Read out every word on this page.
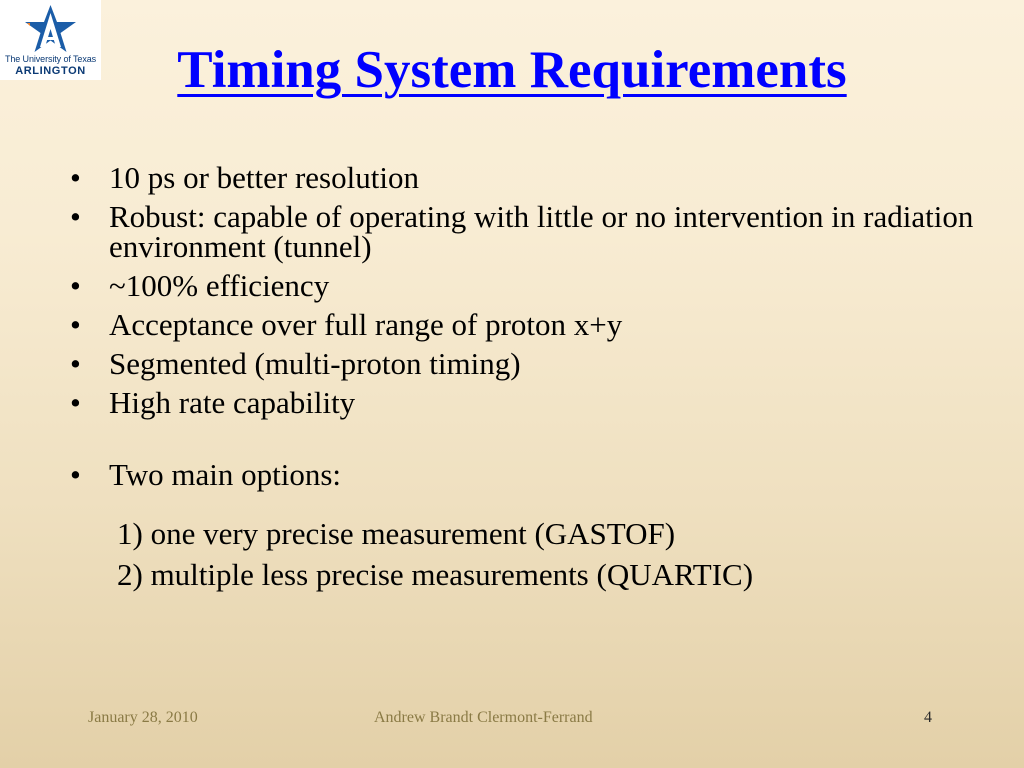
The University of Texas
ARLINGTON	Timing System Requirements
• 10 ps or better resolution
• Robust: capable of operating with little or no intervention in radiation environment (tunnel)
• ~100% efficiency
• Acceptance over full range of proton x+y
• Segmented (multi-proton timing)
• High rate capability
• Two main options:
1) one very precise measurement (GASTOF)
2) multiple less precise measurements (QUARTIC)
January 28, 2010	Andrew Brandt Clermont-Ferrand	4
